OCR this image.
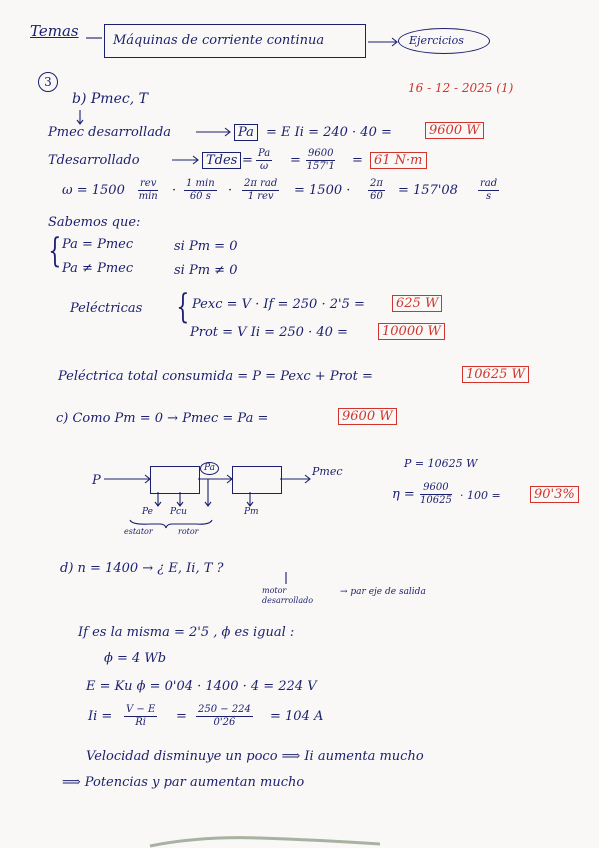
Temas
Máquinas de corriente continua	Ejercicios
3	16 - 12 - 2025 (1)
b) Pmec, T
Pmec desarrollada	Pa = E Ii = 240 · 40 =	9600 W
Tdesarrollado	Tdes = $\frac{Pa}{\omega} = \frac{9600}{157'1} = 61$ N·m
ω = 1500 rev
min · 1 min
60 s	· 2π rad
1 rev	= $1500 \cdot \frac{2\pi}{60} = 157'08$ rad
s
Sabemos que:
{ Pa = Pmec	si Pm = 0
Pa ≠ Pmec	si Pm ≠ 0
Peléctricas { Pexc = V · If = 250 · 2'5 =	625 W
Prot = V Ii = 250 · 40 =	10000 W
Peléctrica total consumida = P = Pexc + Prot =	10625 W
c) Como Pm = 0 → Pmec = Pa =	9600 W
P
Pa	Pmec
Pe Pcu	Pm
estator	rotor
P = 10625 W
$\eta = \frac{9600}{10625} \cdot 100$ =	90'3%
d) n = 1400 → ¿ E, Ii, T ?
motor desarrollado
→ par eje de salida
If es la misma = 2'5 , ϕ es igual :
ϕ = 4 Wb
E = Ku ϕ = 0'04 · 1400 · 4 = 224 V
$Ii = \frac{V - E}{Ri} = \frac{250 - 224}{0'26} = 104$ A
Velocidad disminuye un poco ⟹ Ii aumenta mucho
⟹ Potencias y par aumentan mucho
